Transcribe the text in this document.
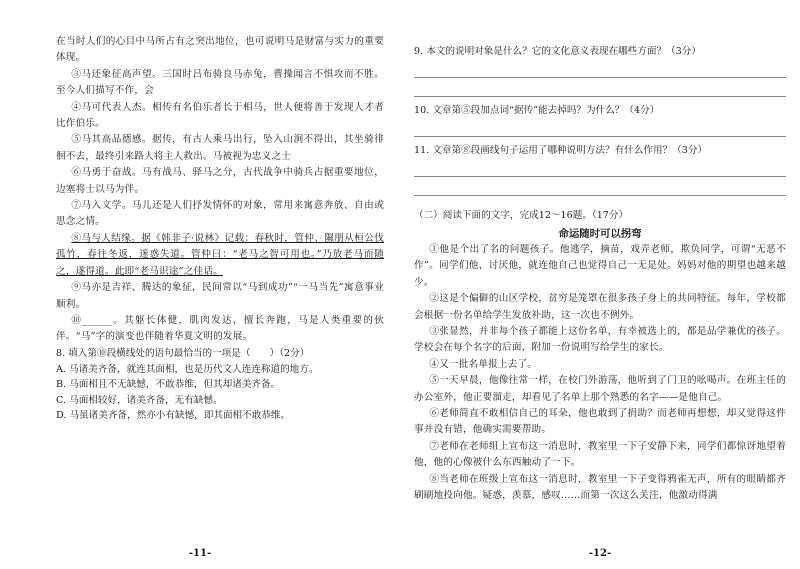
在当时人们的心目中马所占有之突出地位，也可说明马是财富与实力的重要体现。

③马还象征高声望。三国时吕布骑良马赤兔，曹操闻言不惧攻而不胜。至今人们描写不作，会

④马可代表人杰。相传有名伯乐者长于相马，世人便将善于发现人才者比作伯乐。

⑤马其高品德感。据传，有古人乘马出行，坠入山涧不得出，其坐骑徘徊不去，最终引来路人将主人救出。马被视为忠义之士

⑥马勇于奋战。马有战马、驿马之分，古代战争中骑兵占据重要地位，边塞将士以马为伴。

⑦马入文学。马儿还是人们抒发情怀的对象，常用来寓意奔放、自由或思念之情。

⑧马与人结缘。据《韩非子·说林》记载：春秋时，管仲、隰朋从桓公伐孤竹，春往冬返，迷惑失道。管仲曰：“老马之智可用也。”乃放老马而随之，遂得道。此即“老马识途”之佳话。

⑨马亦是吉祥、腾达的象征，民间常以“马到成功”“一马当先”寓意事业顺利。

⑩______。其躯长体健，肌肉发达，擅长奔跑，马是人类重要的伙伴。“马”字的演变也伴随着华夏文明的发展。

8. 填入第⑩段横线处的语句最恰当的一项是（　　）（2分）

A. 马诸美齐备，就连其面相，也是历代文人连连称道的地方。

B. 马面相且不无缺憾，不敢恭维，但其却诸美齐备。

C. 马面相较好，诸美齐备，无有缺憾。

D. 马虽诸美齐备，然亦小有缺憾，即其面相不敢恭维。

-11-

9. 本文的说明对象是什么？它的文化意义表现在哪些方面？（3分）

10. 文章第⑤段加点词“据传”能去掉吗？为什么？（4分）

11. 文章第⑧段画线句子运用了哪种说明方法？有什么作用？（3分）

（二）阅读下面的文字，完成12～16题。（17分）

命运随时可以拐弯

①他是个出了名的问题孩子。他逃学，摘苗，戏弄老师，欺负同学，可谓“无恶不作”。同学们他，讨厌他，就连他自己也觉得自己一无是处。妈妈对他的期望也越来越少。

②这是个偏僻的山区学校，贫穷是笼罩在很多孩子身上的共同特征。每年，学校都会根据一份名单给学生发放补助，这一次也不例外。

③张显然，并非每个孩子都能上这份名单，有幸被选上的，都是品学兼优的孩子。学校会在每个名字的后面，附加一份说明写给学生的家长。

④又一批名单报上去了。

⑤一天早晨，他像往常一样，在校门外游荡，他听到了门卫的吆喝声。在班主任的办公室外，他正要溜走，却看见了名单上那个熟悉的名字——是他自己。

⑥老师简直不敢相信自己的耳朵，他也敢到了捐助？而老师再想想，却又觉得这件事并没有错，他确实需要帮助。

⑦老师在老师组上宣布这一消息时，教室里一下子安静下来，同学们都惊讶地望着他，他的心像被什么东西触动了一下。

⑧当老师在班级上宣布这一消息时，教室里一下子变得鸦雀无声，所有的眼睛都齐刷刷地投向他。疑惑，羡慕，感叹……而第一次这么关注，他激动得满

-12-
